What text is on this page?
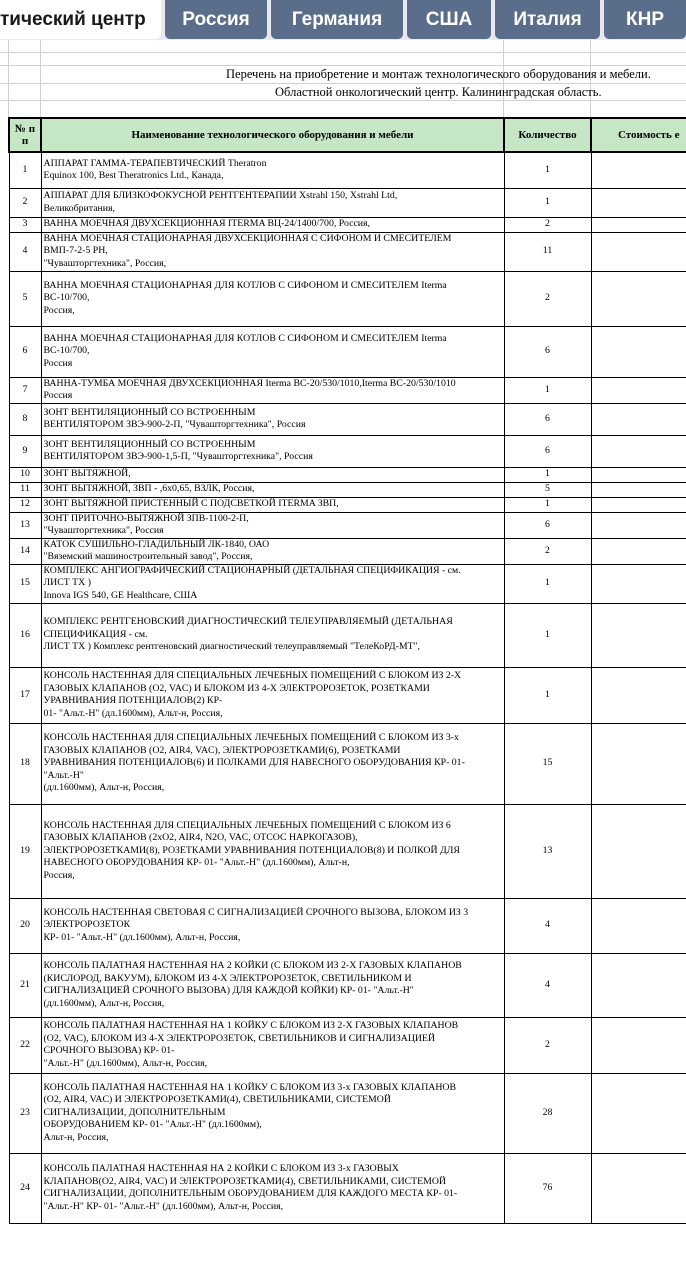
тический центр	Россия	Германия	США	Италия	КНР
Перечень на приобретение и монтаж технологического оборудования и мебели.
Областной онкологический центр. Калининградская область.
№ п п	Наименование технологического оборудования и мебели	Количество	Стоимость е
1	АППАРАТ ГАММА-ТЕРАПЕВТИЧЕСКИЙ Theratron
Equinox 100, Best Theratronics Ltd., Канада,	1	
2	АППАРАТ ДЛЯ БЛИЗКОФОКУСНОЙ РЕНТГЕНТЕРАПИИ Xstrahl 150, Xstrahl Ltd,
Великобритания,	1	
3	ВАННА МОЕЧНАЯ ДВУХСЕКЦИОННАЯ ITERMA ВЦ-24/1400/700, Россия,	2	
4	ВАННА МОЕЧНАЯ СТАЦИОНАРНАЯ ДВУХСЕКЦИОННАЯ С СИФОНОМ И СМЕСИТЕЛЕМ
ВМП-7-2-5 РН,
"Чувашторгтехника", Россия,	11	
5	ВАННА МОЕЧНАЯ СТАЦИОНАРНАЯ ДЛЯ КОТЛОВ С СИФОНОМ И СМЕСИТЕЛЕМ Iterma
ВС-10/700,
Россия,	2	
6	ВАННА МОЕЧНАЯ СТАЦИОНАРНАЯ ДЛЯ КОТЛОВ С СИФОНОМ И СМЕСИТЕЛЕМ Iterma
ВС-10/700,
Россия	6	
7	ВАННА-ТУМБА МОЕЧНАЯ ДВУХСЕКЦИОННАЯ Iterma ВС-20/530/1010,Iterma ВС-20/530/1010
Россия	1	
8	ЗОНТ ВЕНТИЛЯЦИОННЫЙ СО ВСТРОЕННЫМ
ВЕНТИЛЯТОРОМ ЗВЭ-900-2-П, "Чувашторгтехника", Россия	6	
9	ЗОНТ ВЕНТИЛЯЦИОННЫЙ СО ВСТРОЕННЫМ
ВЕНТИЛЯТОРОМ ЗВЭ-900-1,5-П, "Чувашторгтехника", Россия	6	
10	ЗОНТ ВЫТЯЖНОЙ,	1	
11	ЗОНТ ВЫТЯЖНОЙ, ЗВП - ,6х0,65, ВЗЛК, Россия,	5	
12	ЗОНТ ВЫТЯЖНОЙ ПРИСТЕННЫЙ С ПОДСВЕТКОЙ ITERMA ЗВП,	1	
13	ЗОНТ ПРИТОЧНО-ВЫТЯЖНОЙ ЗПВ-1100-2-П,
"Чувашторгтехника", Россия	6	
14	КАТОК СУШИЛЬНО-ГЛАДИЛЬНЫЙ ЛК-1840, ОАО
"Вяземский машиностроительный завод", Россия,	2	
15	КОМПЛЕКС АНГИОГРАФИЧЕСКИЙ СТАЦИОНАРНЫЙ (ДЕТАЛЬНАЯ СПЕЦИФИКАЦИЯ - см.
ЛИСТ ТХ )
Innova IGS 540, GE Healthcare, США	1	
16	КОМПЛЕКС РЕНТГЕНОВСКИЙ ДИАГНОСТИЧЕСКИЙ ТЕЛЕУПРАВЛЯЕМЫЙ (ДЕТАЛЬНАЯ
СПЕЦИФИКАЦИЯ - см.
ЛИСТ ТХ ) Комплекс рентгеновский диагностический телеуправляемый "ТелеКоРД-МТ",	1	
17	КОНСОЛЬ НАСТЕННАЯ ДЛЯ СПЕЦИАЛЬНЫХ ЛЕЧЕБНЫХ ПОМЕЩЕНИЙ С БЛОКОМ ИЗ 2-Х
ГАЗОВЫХ КЛАПАНОВ (O2, VAC) И БЛОКОМ ИЗ 4-Х ЭЛЕКТРОРОЗЕТОК, РОЗЕТКАМИ
УРАВНИВАНИЯ ПОТЕНЦИАЛОВ(2) КР-
01- "Альт.-Н" (дл.1600мм), Альт-н, Россия,	1	
18	КОНСОЛЬ НАСТЕННАЯ ДЛЯ СПЕЦИАЛЬНЫХ ЛЕЧЕБНЫХ ПОМЕЩЕНИЙ С БЛОКОМ ИЗ 3-х
ГАЗОВЫХ КЛАПАНОВ (O2, AIR4, VAC), ЭЛЕКТРОРОЗЕТКАМИ(6), РОЗЕТКАМИ
УРАВНИВАНИЯ ПОТЕНЦИАЛОВ(6) И ПОЛКАМИ ДЛЯ НАВЕСНОГО ОБОРУДОВАНИЯ КР- 01-
"Альт.-Н"
(дл.1600мм), Альт-н, Россия,	15	
19	КОНСОЛЬ НАСТЕННАЯ ДЛЯ СПЕЦИАЛЬНЫХ ЛЕЧЕБНЫХ ПОМЕЩЕНИЙ С БЛОКОМ ИЗ 6
ГАЗОВЫХ КЛАПАНОВ (2хO2, AIR4, N2O, VAC, ОТСОС НАРКОГАЗОВ),
ЭЛЕКТРОРОЗЕТКАМИ(8), РОЗЕТКАМИ УРАВНИВАНИЯ ПОТЕНЦИАЛОВ(8) И ПОЛКОЙ ДЛЯ
НАВЕСНОГО ОБОРУДОВАНИЯ КР- 01- "Альт.-Н" (дл.1600мм), Альт-н,
Россия,	13	
20	КОНСОЛЬ НАСТЕННАЯ СВЕТОВАЯ С СИГНАЛИЗАЦИЕЙ СРОЧНОГО ВЫЗОВА, БЛОКОМ ИЗ 3
ЭЛЕКТРОРОЗЕТОК
КР- 01- "Альт.-Н" (дл.1600мм), Альт-н, Россия,	4	
21	КОНСОЛЬ ПАЛАТНАЯ НАСТЕННАЯ НА 2 КОЙКИ (С БЛОКОМ ИЗ 2-Х ГАЗОВЫХ КЛАПАНОВ
(КИСЛОРОД, ВАКУУМ), БЛОКОМ ИЗ 4-Х ЭЛЕКТРОРОЗЕТОК, СВЕТИЛЬНИКОМ И
СИГНАЛИЗАЦИЕЙ СРОЧНОГО ВЫЗОВА) ДЛЯ КАЖДОЙ КОЙКИ) КР- 01- "Альт.-Н"
(дл.1600мм), Альт-н, Россия,	4	
22	КОНСОЛЬ ПАЛАТНАЯ НАСТЕННАЯ НА 1 КОЙКУ С БЛОКОМ ИЗ 2-Х ГАЗОВЫХ КЛАПАНОВ
(O2, VAC), БЛОКОМ ИЗ 4-Х ЭЛЕКТРОРОЗЕТОК, СВЕТИЛЬНИКОВ И СИГНАЛИЗАЦИЕЙ
СРОЧНОГО ВЫЗОВА) КР- 01-
"Альт.-Н" (дл.1600мм), Альт-н, Россия,	2	
23	КОНСОЛЬ ПАЛАТНАЯ НАСТЕННАЯ НА 1 КОЙКУ С БЛОКОМ ИЗ 3-х ГАЗОВЫХ КЛАПАНОВ
(O2, AIR4, VAC) И ЭЛЕКТРОРОЗЕТКАМИ(4), СВЕТИЛЬНИКАМИ, СИСТЕМОЙ
СИГНАЛИЗАЦИИ, ДОПОЛНИТЕЛЬНЫМ
ОБОРУДОВАНИЕМ КР- 01- "Альт.-Н" (дл.1600мм),
Альт-н, Россия,	28	
24	КОНСОЛЬ ПАЛАТНАЯ НАСТЕННАЯ НА 2 КОЙКИ С БЛОКОМ ИЗ 3-х ГАЗОВЫХ
КЛАПАНОВ(O2, AIR4, VAC) И ЭЛЕКТРОРОЗЕТКАМИ(4), СВЕТИЛЬНИКАМИ, СИСТЕМОЙ
СИГНАЛИЗАЦИИ, ДОПОЛНИТЕЛЬНЫМ ОБОРУДОВАНИЕМ ДЛЯ КАЖДОГО МЕСТА КР- 01-
"Альт.-Н" КР- 01- "Альт.-Н" (дл.1600мм), Альт-н, Россия,	76	
